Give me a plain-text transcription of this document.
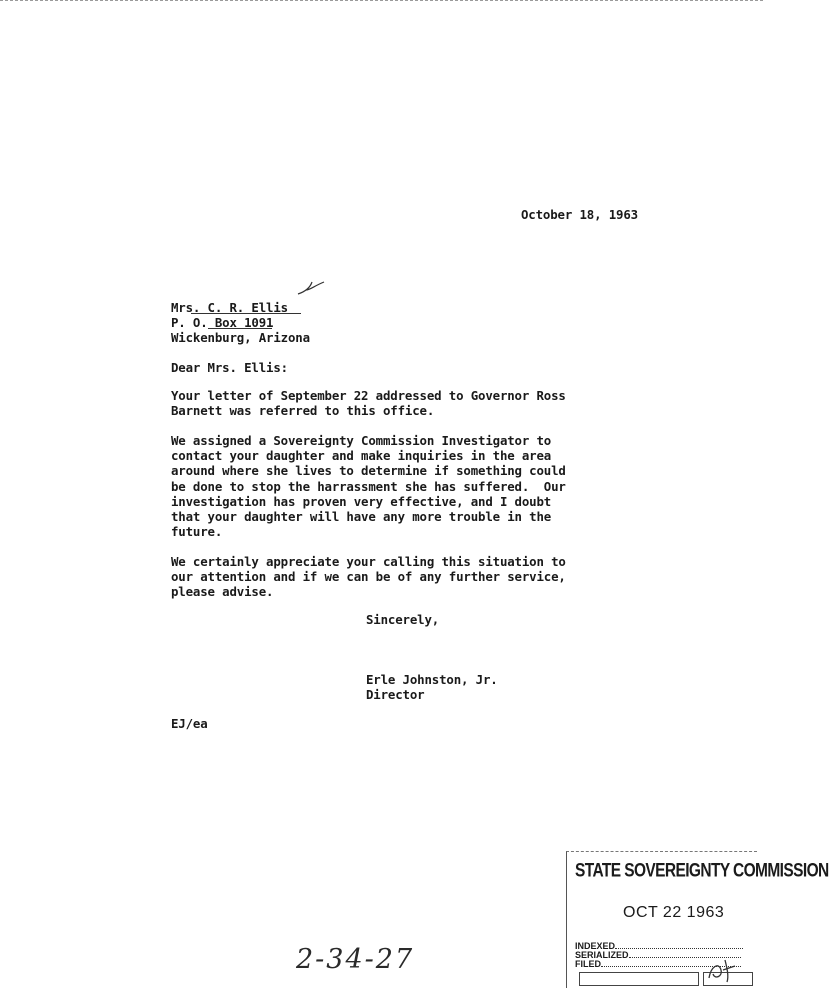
October 18, 1963
Mrs. C. R. Ellis
P. O. Box 1091
Wickenburg, Arizona
Dear Mrs. Ellis:
Your letter of September 22 addressed to Governor Ross
Barnett was referred to this office.
We assigned a Sovereignty Commission Investigator to
contact your daughter and make inquiries in the area
around where she lives to determine if something could
be done to stop the harrassment she has suffered.  Our
investigation has proven very effective, and I doubt
that your daughter will have any more trouble in the
future.
We certainly appreciate your calling this situation to
our attention and if we can be of any further service,
please advise.
Sincerely,
Erle Johnston, Jr.
Director
EJ/ea
2-34-27
STATE SOVEREIGNTY COMMISSION
OCT 22 1963
INDEXED
SERIALIZED
FILED
